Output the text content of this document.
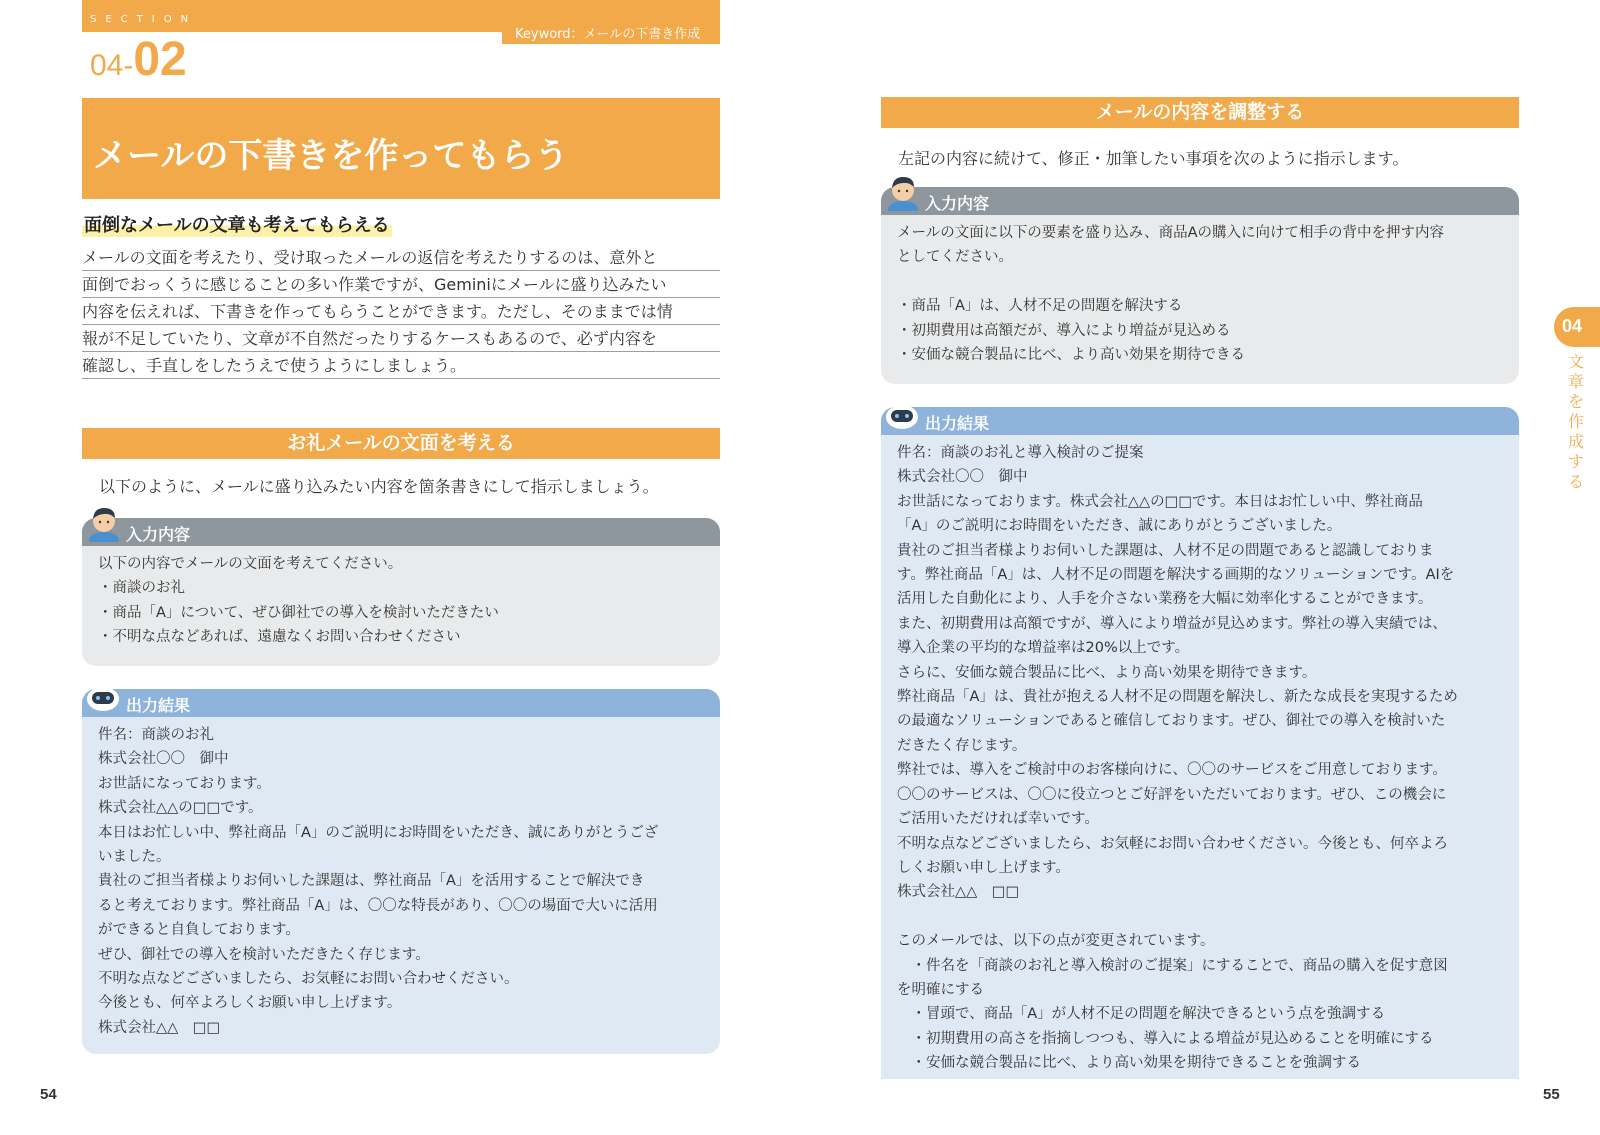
SECTION
Keyword：メールの下書き作成
04-02
メールの下書きを作ってもらう
面倒なメールの文章も考えてもらえる
メールの文面を考えたり、受け取ったメールの返信を考えたりするのは、意外と
面倒でおっくうに感じることの多い作業ですが、Geminiにメールに盛り込みたい
内容を伝えれば、下書きを作ってもらうことができます。ただし、そのままでは情
報が不足していたり、文章が不自然だったりするケースもあるので、必ず内容を
確認し、手直しをしたうえで使うようにしましょう。
お礼メールの文面を考える
以下のように、メールに盛り込みたい内容を箇条書きにして指示しましょう。
入力内容
以下の内容でメールの文面を考えてください。
・商談のお礼
・商品「A」について、ぜひ御社での導入を検討いただきたい
・不明な点などあれば、遠慮なくお問い合わせください
出力結果
件名：商談のお礼
株式会社〇〇　御中
お世話になっております。
株式会社△△の□□です。
本日はお忙しい中、弊社商品「A」のご説明にお時間をいただき、誠にありがとうござ
いました。
貴社のご担当者様よりお伺いした課題は、弊社商品「A」を活用することで解決でき
ると考えております。弊社商品「A」は、〇〇な特長があり、〇〇の場面で大いに活用
ができると自負しております。
ぜひ、御社での導入を検討いただきたく存じます。
不明な点などございましたら、お気軽にお問い合わせください。
今後とも、何卒よろしくお願い申し上げます。
株式会社△△　□□
54
メールの内容を調整する
左記の内容に続けて、修正・加筆したい事項を次のように指示します。
入力内容
メールの文面に以下の要素を盛り込み、商品Aの購入に向けて相手の背中を押す内容
としてください。
・商品「A」は、人材不足の問題を解決する
・初期費用は高額だが、導入により増益が見込める
・安価な競合製品に比べ、より高い効果を期待できる
出力結果
件名：商談のお礼と導入検討のご提案
株式会社〇〇　御中
お世話になっております。株式会社△△の□□です。本日はお忙しい中、弊社商品
「A」のご説明にお時間をいただき、誠にありがとうございました。
貴社のご担当者様よりお伺いした課題は、人材不足の問題であると認識しておりま
す。弊社商品「A」は、人材不足の問題を解決する画期的なソリューションです。AIを
活用した自動化により、人手を介さない業務を大幅に効率化することができます。
また、初期費用は高額ですが、導入により増益が見込めます。弊社の導入実績では、
導入企業の平均的な増益率は20%以上です。
さらに、安価な競合製品に比べ、より高い効果を期待できます。
弊社商品「A」は、貴社が抱える人材不足の問題を解決し、新たな成長を実現するため
の最適なソリューションであると確信しております。ぜひ、御社での導入を検討いた
だきたく存じます。
弊社では、導入をご検討中のお客様向けに、〇〇のサービスをご用意しております。
〇〇のサービスは、〇〇に役立つとご好評をいただいております。ぜひ、この機会に
ご活用いただければ幸いです。
不明な点などございましたら、お気軽にお問い合わせください。今後とも、何卒よろ
しくお願い申し上げます。
株式会社△△　□□
このメールでは、以下の点が変更されています。
　・件名を「商談のお礼と導入検討のご提案」にすることで、商品の購入を促す意図
を明確にする
　・冒頭で、商品「A」が人材不足の問題を解決できるという点を強調する
　・初期費用の高さを指摘しつつも、導入による増益が見込めることを明確にする
　・安価な競合製品に比べ、より高い効果を期待できることを強調する
55
04
文
章
を
作
成
す
る
